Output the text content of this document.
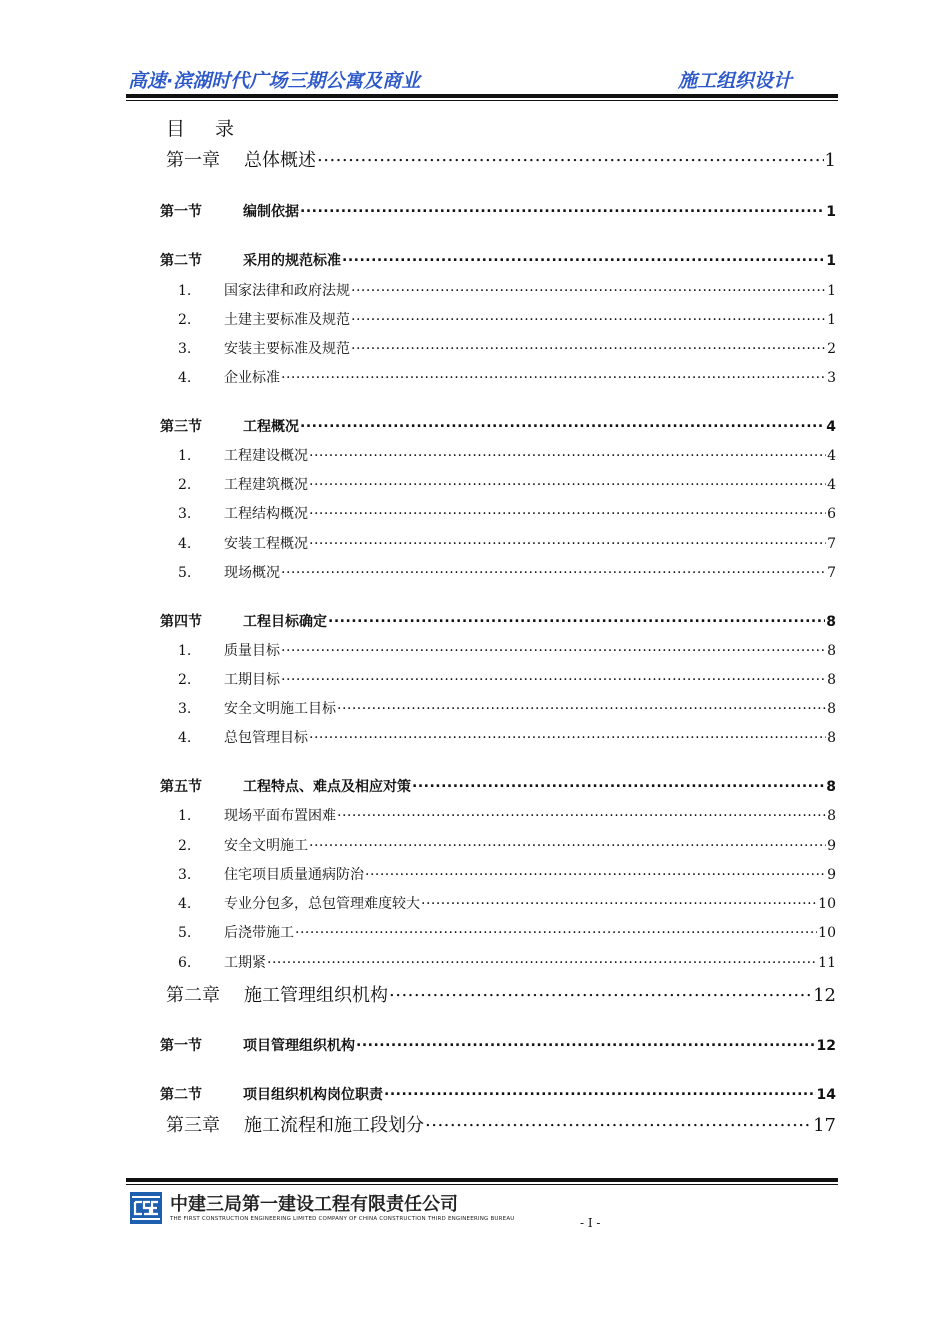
高速·滨湖时代广场三期公寓及商业	施工组织设计
目 录
第一章	总体概述 .....	1
第一节	编制依据 .....	1
第二节	采用的规范标准 .....	1
1.	国家法律和政府法规 .....	1
2.	土建主要标准及规范 .....	1
3.	安装主要标准及规范 .....	2
4.	企业标准 .....	3
第三节	工程概况 .....	4
1.	工程建设概况 .....	4
2.	工程建筑概况 .....	4
3.	工程结构概况 .....	6
4.	安装工程概况 .....	7
5.	现场概况 .....	7
第四节	工程目标确定 .....	8
1.	质量目标 .....	8
2.	工期目标 .....	8
3.	安全文明施工目标 .....	8
4.	总包管理目标 .....	8
第五节	工程特点、难点及相应对策 .....	8
1.	现场平面布置困难 .....	8
2.	安全文明施工 .....	9
3.	住宅项目质量通病防治 .....	9
4.	专业分包多，总包管理难度较大 .....	10
5.	后浇带施工 .....	10
6.	工期紧 .....	11
第二章	施工管理组织机构 .....	12
第一节	项目管理组织机构 .....	12
第二节	项目组织机构岗位职责 .....	14
第三章	施工流程和施工段划分 .....	17
中建三局第一建设工程有限责任公司
THE FIRST CONSTRUCTION ENGINEERING LIMITED COMPANY OF CHINA CONSTRUCTION THIRD ENGINEERING BUREAU	- I -
